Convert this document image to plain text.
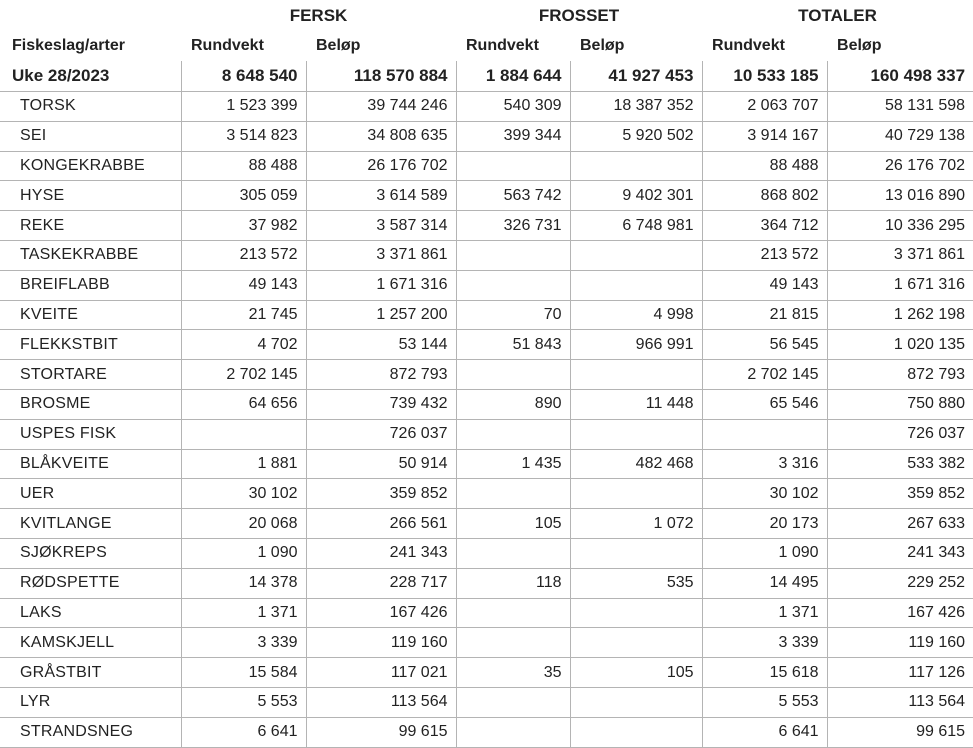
	FERSK		FROSSET		TOTALER	
Fiskeslag/arter	Rundvekt	Beløp	Rundvekt	Beløp	Rundvekt	Beløp
Uke 28/2023	8 648 540	118 570 884	1 884 644	41 927 453	10 533 185	160 498 337
TORSK	1 523 399	39 744 246	540 309	18 387 352	2 063 707	58 131 598
SEI	3 514 823	34 808 635	399 344	5 920 502	3 914 167	40 729 138
KONGEKRABBE	88 488	26 176 702			88 488	26 176 702
HYSE	305 059	3 614 589	563 742	9 402 301	868 802	13 016 890
REKE	37 982	3 587 314	326 731	6 748 981	364 712	10 336 295
TASKEKRABBE	213 572	3 371 861			213 572	3 371 861
BREIFLABB	49 143	1 671 316			49 143	1 671 316
KVEITE	21 745	1 257 200	70	4 998	21 815	1 262 198
FLEKKSTBIT	4 702	53 144	51 843	966 991	56 545	1 020 135
STORTARE	2 702 145	872 793			2 702 145	872 793
BROSME	64 656	739 432	890	11 448	65 546	750 880
USPES FISK		726 037				726 037
BLÅKVEITE	1 881	50 914	1 435	482 468	3 316	533 382
UER	30 102	359 852			30 102	359 852
KVITLANGE	20 068	266 561	105	1 072	20 173	267 633
SJØKREPS	1 090	241 343			1 090	241 343
RØDSPETTE	14 378	228 717	118	535	14 495	229 252
LAKS	1 371	167 426			1 371	167 426
KAMSKJELL	3 339	119 160			3 339	119 160
GRÅSTBIT	15 584	117 021	35	105	15 618	117 126
LYR	5 553	113 564			5 553	113 564
STRANDSNEG	6 641	99 615			6 641	99 615
